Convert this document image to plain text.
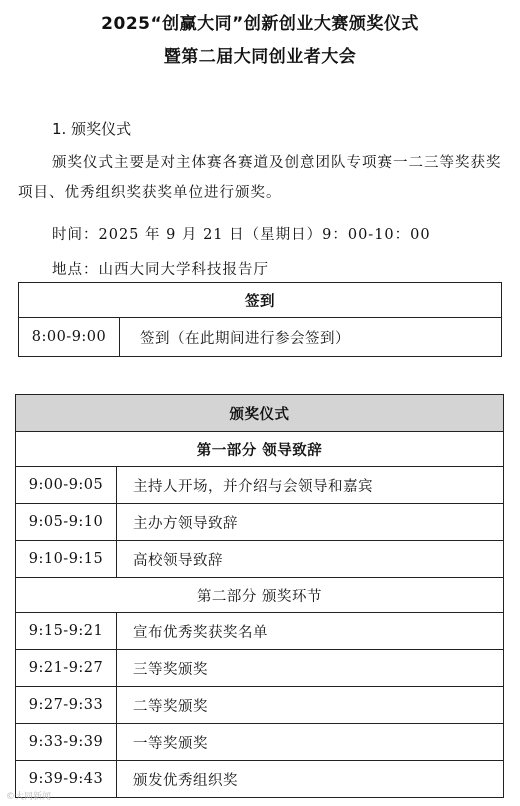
2025“创赢大同”创新创业大赛颁奖仪式
暨第二届大同创业者大会
1. 颁奖仪式
颁奖仪式主要是对主体赛各赛道及创意团队专项赛一二三等奖获奖项目、优秀组织奖获奖单位进行颁奖。
时间：2025 年 9 月 21 日（星期日）9：00-10：00
地点：山西大同大学科技报告厅
签到
8:00-9:00	签到（在此期间进行参会签到）
颁奖仪式	
第一部分 领导致辞	
9:00-9:05	主持人开场，并介绍与会领导和嘉宾
9:05-9:10	主办方领导致辞
9:10-9:15	高校领导致辞
第二部分 颁奖环节	
9:15-9:21	宣布优秀奖获奖名单
9:21-9:27	三等奖颁奖
9:27-9:33	二等奖颁奖
9:33-9:39	一等奖颁奖
9:39-9:43	颁发优秀组织奖
©大同新闻
